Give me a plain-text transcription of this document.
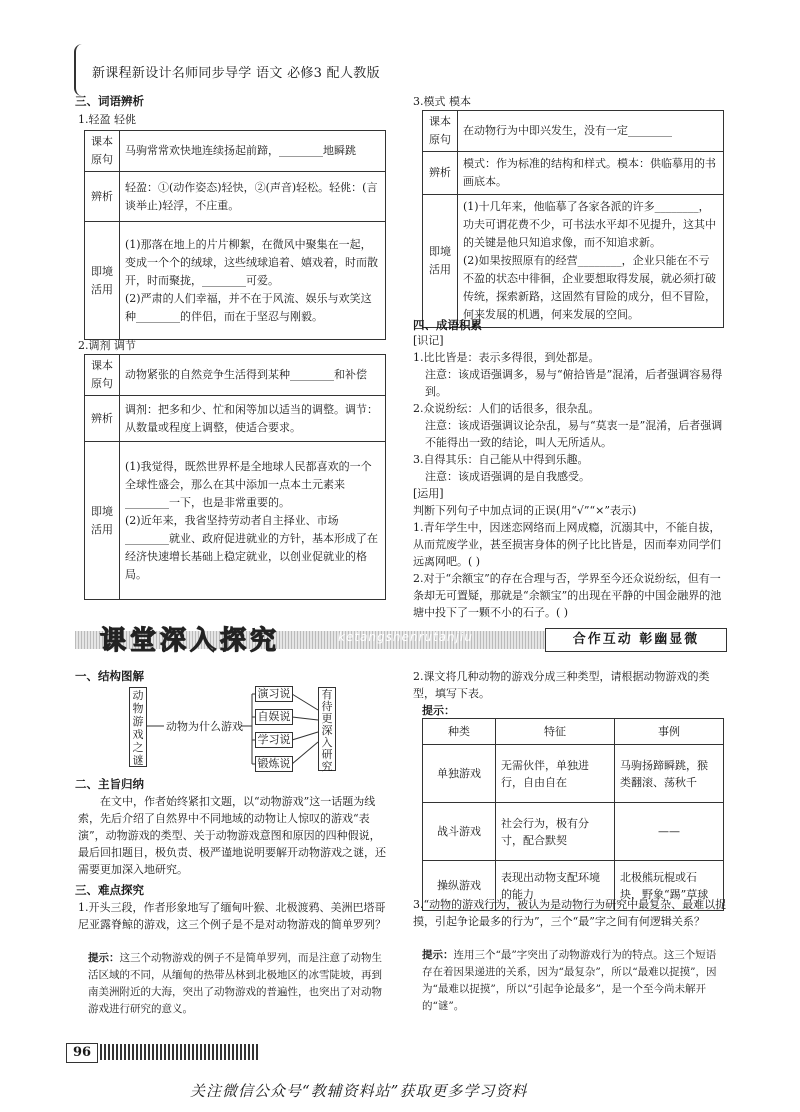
新课程新设计名师同步导学 语文 必修3 配人教版
三、词语辨析
1.轻盈 轻佻
课本原句	马驹常常欢快地连续扬起前蹄，________地瞬跳
辨析	轻盈：①(动作姿态)轻快，②(声音)轻松。轻佻：(言谈举止)轻浮，不庄重。
即境活用	(1)那落在地上的片片柳絮，在微风中聚集在一起，变成一个个的绒球，这些绒球追着、嬉戏着，时而散开，时而聚拢，________可爱。
(2)严肃的人们幸福，并不在于风流、娱乐与欢笑这种________的伴侣，而在于坚忍与刚毅。
2.调剂 调节
课本原句	动物紧张的自然竞争生活得到某种________和补偿
辨析	调剂：把多和少、忙和闲等加以适当的调整。调节：从数量或程度上调整，使适合要求。
即境活用	(1)我觉得，既然世界杯是全地球人民都喜欢的一个全球性盛会，那么在其中添加一点本土元素来________一下，也是非常重要的。
(2)近年来，我省坚持劳动者自主择业、市场________就业、政府促进就业的方针，基本形成了在经济快速增长基础上稳定就业，以创业促就业的格局。
3.模式 模本
课本原句	在动物行为中即兴发生，没有一定________
辨析	模式：作为标准的结构和样式。模本：供临摹用的书画底本。
即境活用	(1)十几年来，他临摹了各家各派的许多________，功夫可谓花费不少，可书法水平却不见提升，这其中的关键是他只知追求像，而不知追求新。
(2)如果按照原有的经营________，企业只能在不亏不盈的状态中徘徊，企业要想取得发展，就必须打破传统，探索新路，这固然有冒险的成分，但不冒险，何来发展的机遇，何来发展的空间。
四、成语积累
[识记]
1.比比皆是：表示多得很，到处都是。
注意：该成语强调多，易与“俯拾皆是”混淆，后者强调容易得到。
2.众说纷纭：人们的话很多，很杂乱。
注意：该成语强调议论杂乱，易与“莫衷一是”混淆，后者强调不能得出一致的结论，叫人无所适从。
3.自得其乐：自己能从中得到乐趣。
注意：该成语强调的是自我感受。
[运用]
判断下列句子中加点词的正误(用“√”“×”表示)
1.青年学生中，因迷恋网络而上网成瘾，沉溺其中，不能自拔，从而荒废学业，甚至损害身体的例子比比皆是，因而奉劝同学们远离网吧。( )
2.对于“余额宝”的存在合理与否，学界至今还众说纷纭，但有一条却无可置疑，那就是“余额宝”的出现在平静的中国金融界的池塘中投下了一颗不小的石子。( )
课堂深入探究	ketangshenrutanjiu	合作互动 彰幽显微
一、结构图解
动物游戏之谜
动物为什么游戏
演习说
自娱说
学习说
锻炼说
有待更深入研究
二、主旨归纳
在文中，作者始终紧扣文题，以“动物游戏”这一话题为线索，先后介绍了自然界中不同地域的动物让人惊叹的游戏“表演”，动物游戏的类型、关于动物游戏意图和原因的四种假说，最后回扣题目，极负责、极严谨地说明要解开动物游戏之谜，还需要更加深入地研究。
三、难点探究
1.开头三段，作者形象地写了缅甸叶猴、北极渡鸦、美洲巴塔哥尼亚露脊鲸的游戏，这三个例子是不是对动物游戏的简单罗列？
提示：这三个动物游戏的例子不是简单罗列，而是注意了动物生活区域的不同，从缅甸的热带丛林到北极地区的冰雪陡坡，再到南美洲附近的大海，突出了动物游戏的普遍性，也突出了对动物游戏进行研究的意义。
2.课文将几种动物的游戏分成三种类型，请根据动物游戏的类型，填写下表。
提示：
种类	特征	事例
单独游戏	无需伙伴，单独进行，自由自在	马驹扬蹄瞬跳，猴类翻滚、荡秋千
战斗游戏	社会行为，极有分寸，配合默契	——
操纵游戏	表现出动物支配环境的能力	北极熊玩棍或石块，野象“踢”草球
3.“动物的游戏行为，被认为是动物行为研究中最复杂、最难以捉摸，引起争论最多的行为”，三个“最”字之间有何逻辑关系？
提示：连用三个“最”字突出了动物游戏行为的特点。这三个短语存在着因果递进的关系，因为“最复杂”，所以“最难以捉摸”，因为“最难以捉摸”，所以“引起争论最多”，是一个至今尚未解开的“谜”。
96
关注微信公众号“教辅资料站”获取更多学习资料
